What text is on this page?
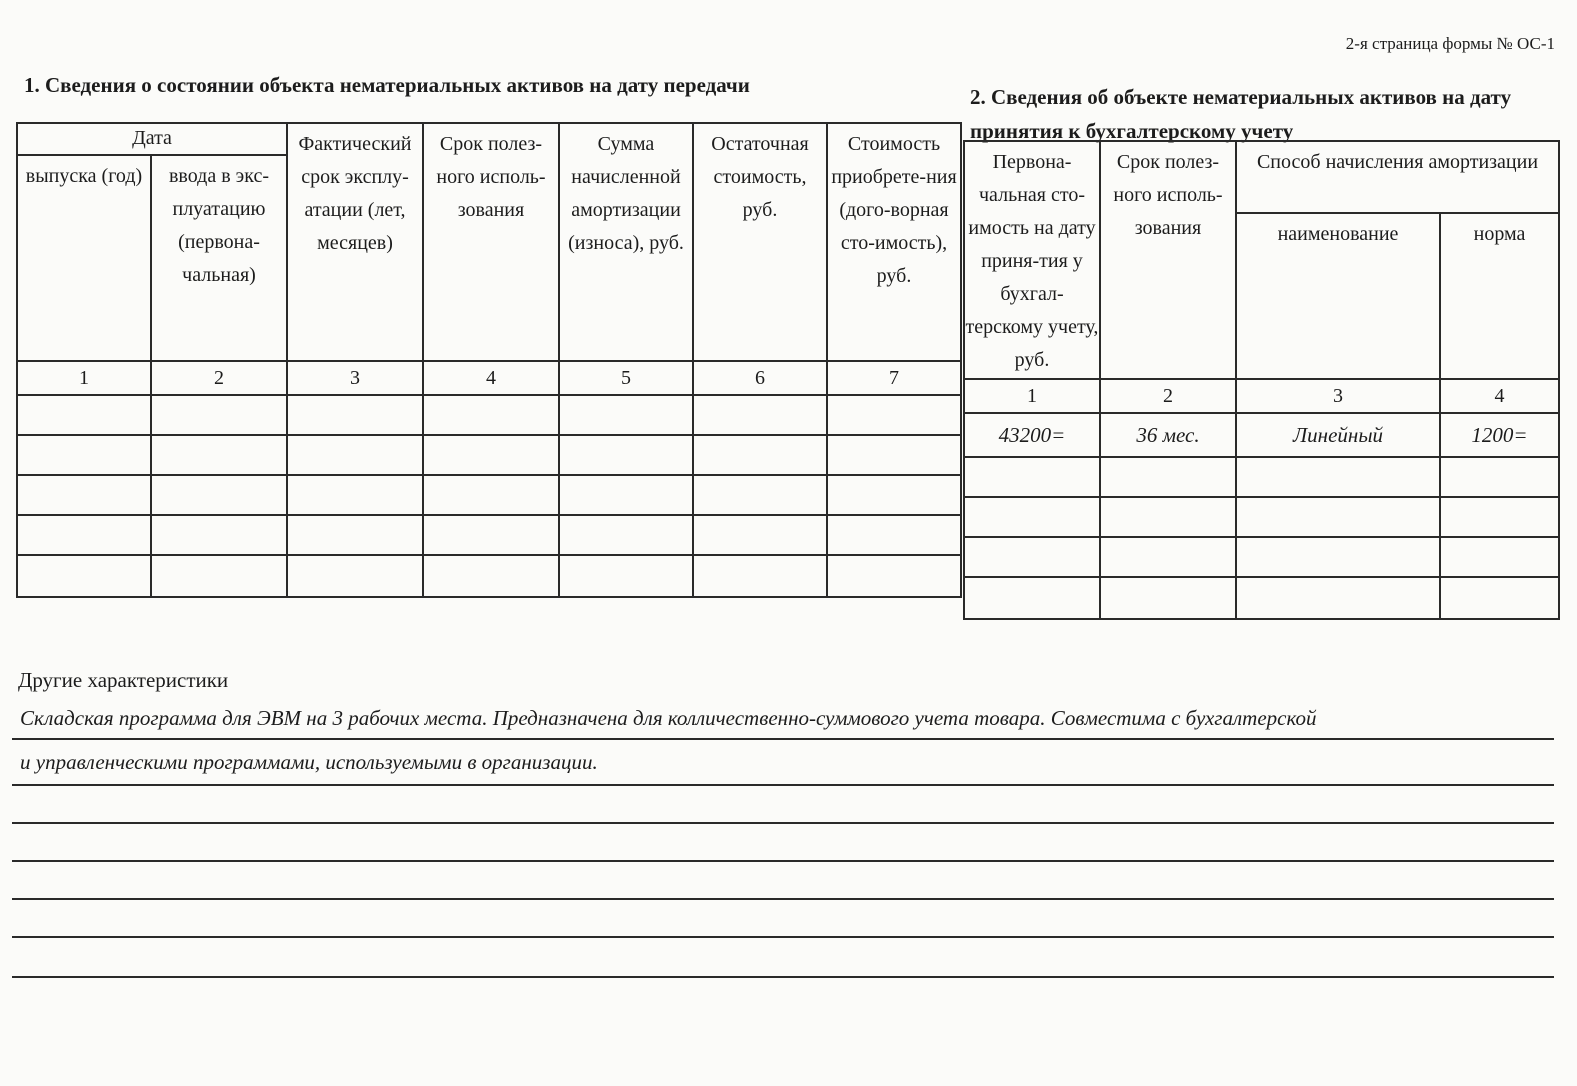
2-я страница формы № ОС-1
1. Сведения о состоянии объекта нематериальных активов на дату передачи	2. Сведения об объекте нематериальных активов на дату принятия к бухгалтерскому учету
Дата		Фактический срок эксплу-атации (лет, месяцев)	Срок полез-ного исполь-зования	Сумма начисленной амортизации (износа), руб.	Остаточная стоимость, руб.	Стоимость приобрете-ния (дого-ворная сто-имость), руб.
выпуска (год)	ввода в экс-плуатацию (первона-чальная)					
1	2	3	4	5	6	7

Первона-чальная сто-имость на дату приня-тия у бухгал-терскому учету, руб.	Срок полез-ного исполь-зования	Способ начисления амортизации	
		наименование	норма
1	2	3	4
43200=	36 мес.	Линейный	1200=

Другие характеристики
Складская программа для ЭВМ на 3 рабочих места. Предназначена для колличественно-суммового учета товара. Совместима с бухгалтерской
и управленческими программами, используемыми в организации.
